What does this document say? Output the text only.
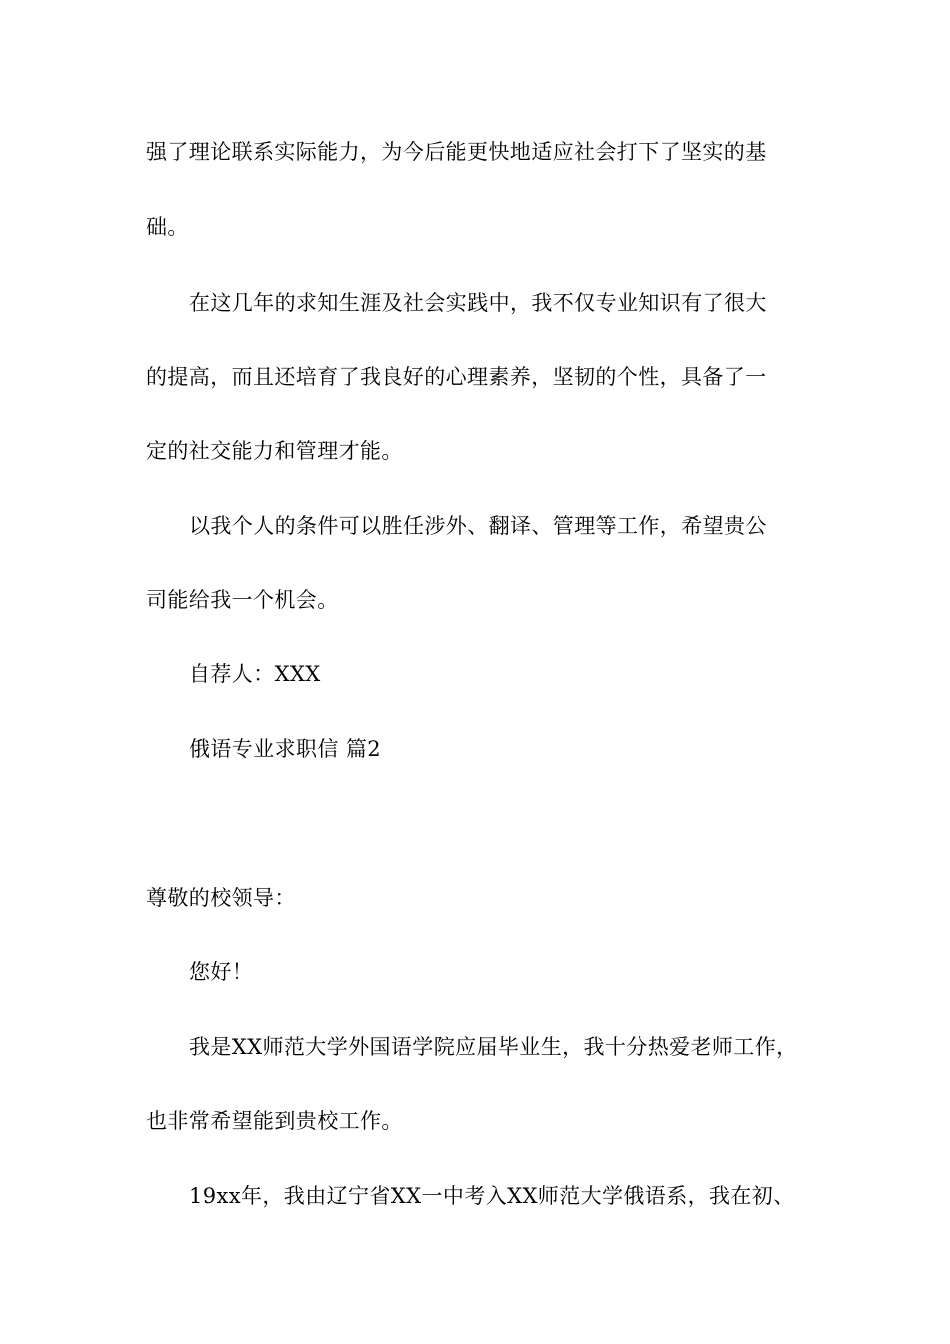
强了理论联系实际能力，为今后能更快地适应社会打下了坚实的基

础。

在这几年的求知生涯及社会实践中，我不仅专业知识有了很大

的提高，而且还培育了我良好的心理素养，坚韧的个性，具备了一

定的社交能力和管理才能。

以我个人的条件可以胜任涉外、翻译、管理等工作，希望贵公

司能给我一个机会。

自荐人：XXX

俄语专业求职信 篇2

尊敬的校领导：

您好！

我是XX师范大学外国语学院应届毕业生，我十分热爱老师工作，

也非常希望能到贵校工作。

19xx年，我由辽宁省XX一中考入XX师范大学俄语系，我在初、
